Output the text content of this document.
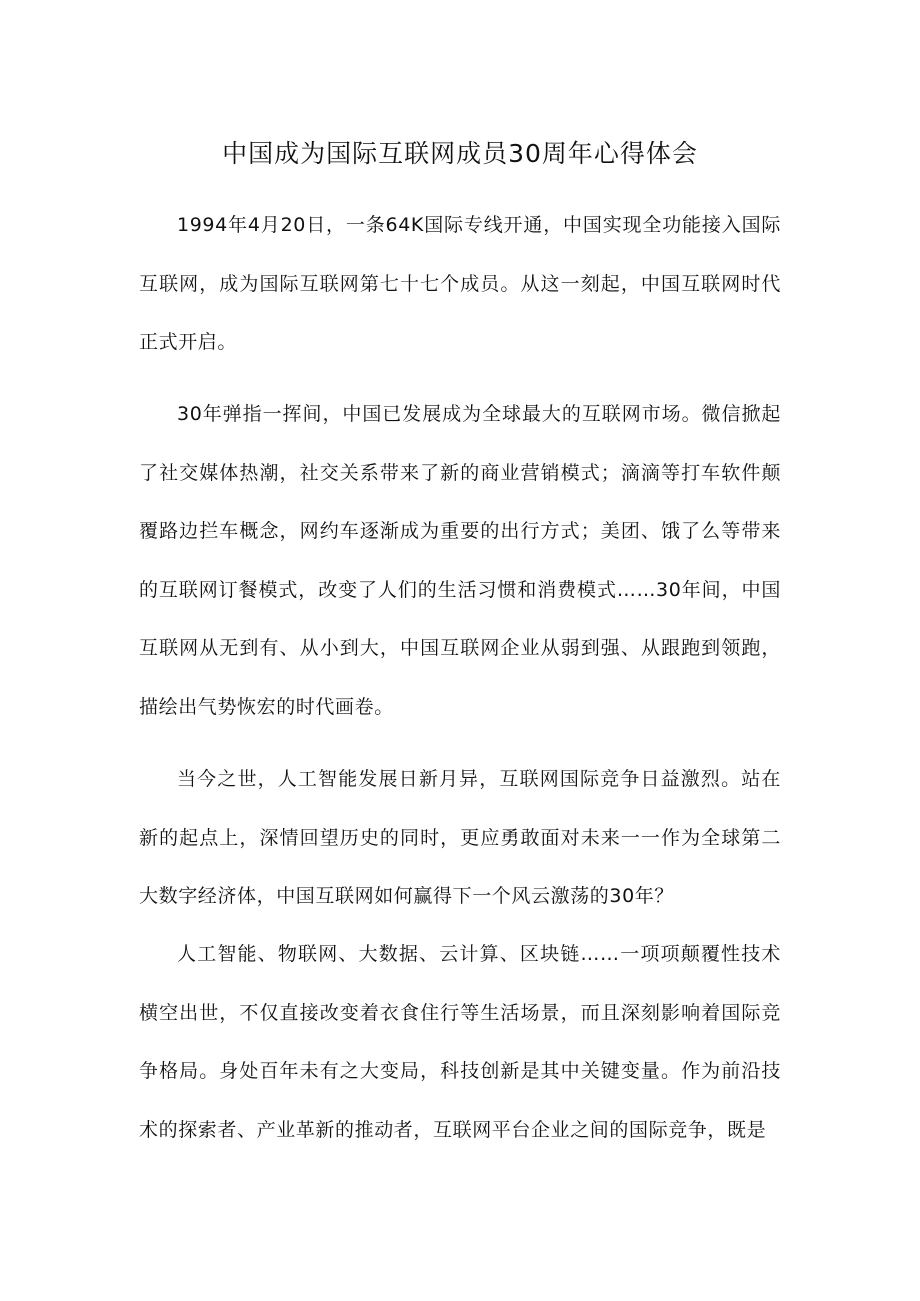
中国成为国际互联网成员30周年心得体会

1994年4月20日，一条64K国际专线开通，中国实现全功能接入国际互联网，成为国际互联网第七十七个成员。从这一刻起，中国互联网时代正式开启。

30年弹指一挥间，中国已发展成为全球最大的互联网市场。微信掀起了社交媒体热潮，社交关系带来了新的商业营销模式；滴滴等打车软件颠覆路边拦车概念，网约车逐渐成为重要的出行方式；美团、饿了么等带来的互联网订餐模式，改变了人们的生活习惯和消费模式……30年间，中国互联网从无到有、从小到大，中国互联网企业从弱到强、从跟跑到领跑，描绘出气势恢宏的时代画卷。

当今之世，人工智能发展日新月异，互联网国际竞争日益激烈。站在新的起点上，深情回望历史的同时，更应勇敢面对未来一一作为全球第二大数字经济体，中国互联网如何赢得下一个风云激荡的30年？

人工智能、物联网、大数据、云计算、区块链……一项项颠覆性技术横空出世，不仅直接改变着衣食住行等生活场景，而且深刻影响着国际竞争格局。身处百年未有之大变局，科技创新是其中关键变量。作为前沿技术的探索者、产业革新的推动者，互联网平台企业之间的国际竞争，既是
